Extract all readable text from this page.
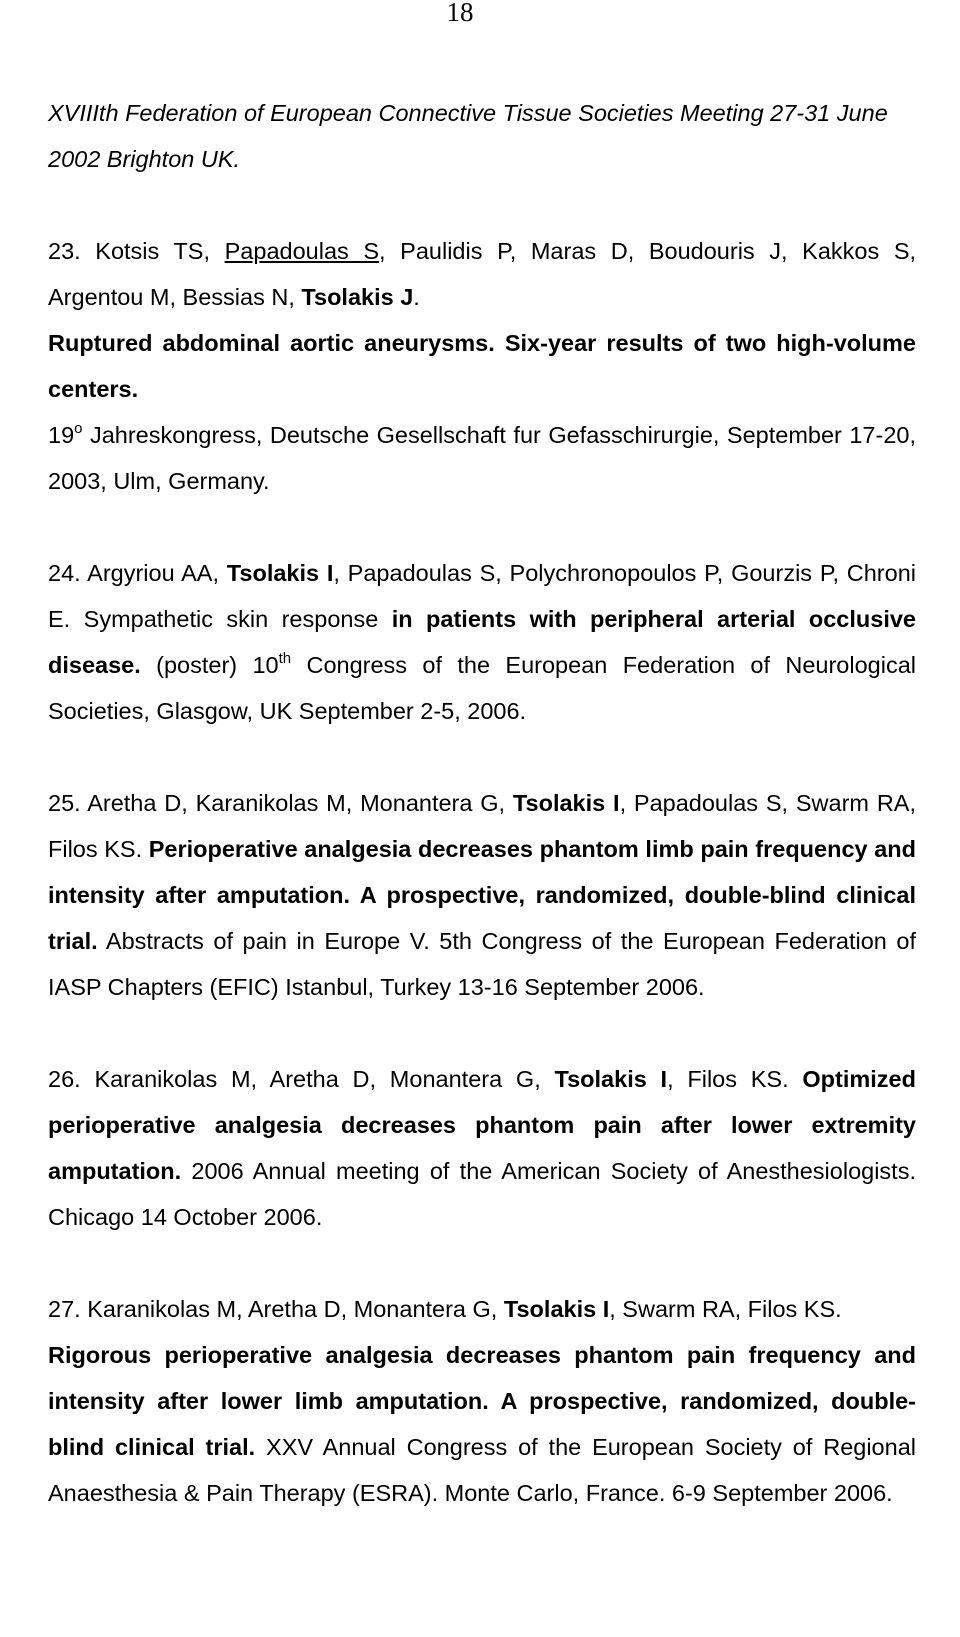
18

XVIIIth Federation of European Connective Tissue Societies Meeting 27-31 June 2002 Brighton UK.

23. Kotsis TS, Papadoulas S, Paulidis P, Maras D, Boudouris J, Kakkos S, Argentou M, Bessias N, Tsolakis J.
Ruptured abdominal aortic aneurysms. Six-year results of two high-volume centers.
19$^o$ Jahreskongress, Deutsche Gesellschaft fur Gefasschirurgie, September 17-20, 2003, Ulm, Germany.

24. Argyriou AA, Tsolakis I, Papadoulas S, Polychronopoulos P, Gourzis P, Chroni E. Sympathetic skin response in patients with peripheral arterial occlusive disease. (poster) 10th Congress of the European Federation of Neurological Societies, Glasgow, UK September 2-5, 2006.

25. Aretha D, Karanikolas M, Monantera G, Tsolakis I, Papadoulas S, Swarm RA, Filos KS. Perioperative analgesia decreases phantom limb pain frequency and intensity after amputation. A prospective, randomized, double-blind clinical trial. Abstracts of pain in Europe V. 5th Congress of the European Federation of IASP Chapters (EFIC) Istanbul, Turkey 13-16 September 2006.

26. Karanikolas M, Aretha D, Monantera G, Tsolakis I, Filos KS. Optimized perioperative analgesia decreases phantom pain after lower extremity amputation. 2006 Annual meeting of the American Society of Anesthesiologists. Chicago 14 October 2006.

27. Karanikolas M, Aretha D, Monantera G, Tsolakis I, Swarm RA, Filos KS.
Rigorous perioperative analgesia decreases phantom pain frequency and intensity after lower limb amputation. A prospective, randomized, double-blind clinical trial. XXV Annual Congress of the European Society of Regional Anaesthesia & Pain Therapy (ESRA). Monte Carlo, France. 6-9 September 2006.
